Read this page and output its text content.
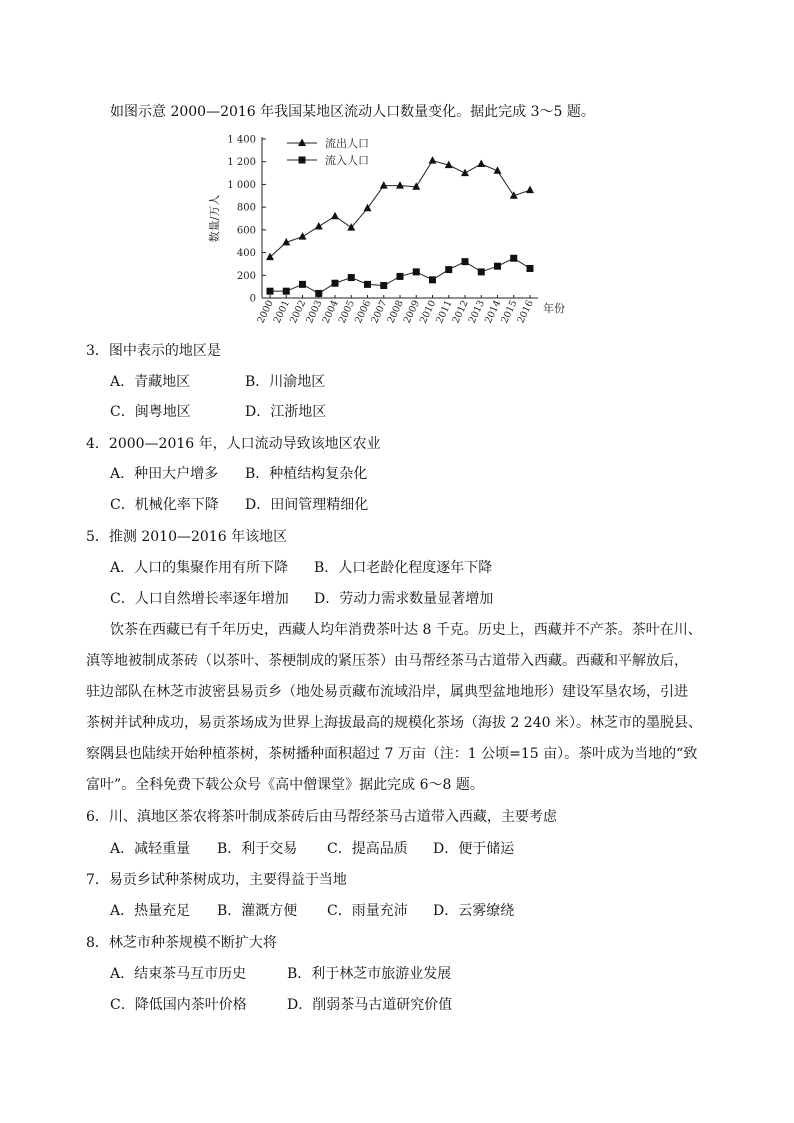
如图示意 2000—2016 年我国某地区流动人口数量变化。据此完成 3～5 题。
0
200
400
600
800
1 000
1 200
1 400
数量/万人
2000
2001
2002
2003
2004
2005
2006
2007
2008
2009
2010
2011
2012
2013
2014
2015
2016 年份
流出人口
流入人口
3．图中表示的地区是
A．青藏地区	B．川渝地区
C．闽粤地区	D．江浙地区
4．2000—2016 年，人口流动导致该地区农业
A．种田大户增多 B．种植结构复杂化
C．机械化率下降 D．田间管理精细化
5．推测 2010—2016 年该地区
A．人口的集聚作用有所下降 B．人口老龄化程度逐年下降
C．人口自然增长率逐年增加 D．劳动力需求数量显著增加
饮茶在西藏已有千年历史，西藏人均年消费茶叶达 8 千克。历史上，西藏并不产茶。茶叶在川、
滇等地被制成茶砖（以茶叶、茶梗制成的紧压茶）由马帮经茶马古道带入西藏。西藏和平解放后，
驻边部队在林芝市波密县易贡乡（地处易贡藏布流域沿岸，属典型盆地地形）建设军垦农场，引进
茶树并试种成功，易贡茶场成为世界上海拔最高的规模化茶场（海拔 2 240 米）。林芝市的墨脱县、
察隅县也陆续开始种植茶树，茶树播种面积超过 7 万亩（注：1 公顷=15 亩）。茶叶成为当地的“致
富叶”。全科免费下载公众号《高中僧课堂》据此完成 6～8 题。
6．川、滇地区茶农将茶叶制成茶砖后由马帮经茶马古道带入西藏，主要考虑
A．减轻重量 B．利于交易 C．提高品质 D．便于储运
7．易贡乡试种茶树成功，主要得益于当地
A．热量充足 B．灌溉方便 C．雨量充沛 D．云雾缭绕
8．林芝市种茶规模不断扩大将
A．结束茶马互市历史	B．利于林芝市旅游业发展
C．降低国内茶叶价格	D．削弱茶马古道研究价值
